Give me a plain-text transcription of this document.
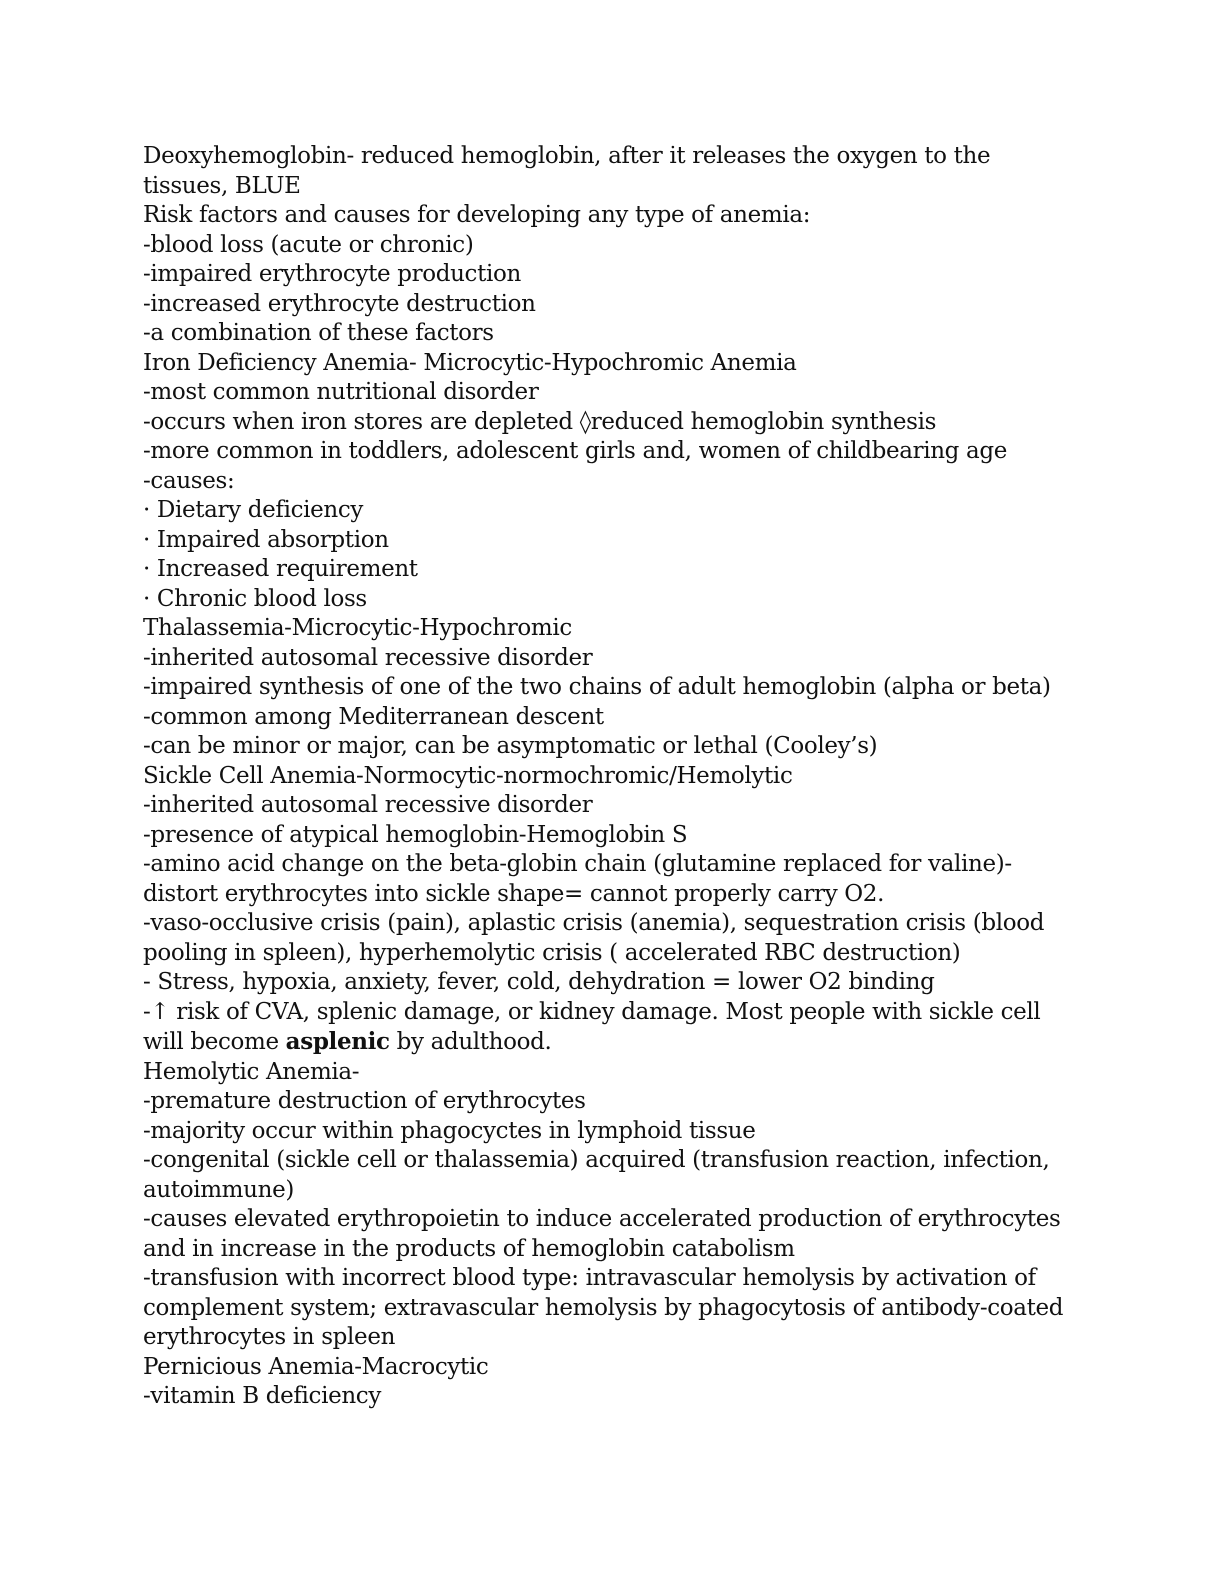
Deoxyhemoglobin- reduced hemoglobin, after it releases the oxygen to the
tissues, BLUE
Risk factors and causes for developing any type of anemia:
-blood loss (acute or chronic)
-impaired erythrocyte production
-increased erythrocyte destruction
-a combination of these factors
Iron Deficiency Anemia- Microcytic-Hypochromic Anemia
-most common nutritional disorder
-occurs when iron stores are depleted ◊reduced hemoglobin synthesis
-more common in toddlers, adolescent girls and, women of childbearing age
-causes:
· Dietary deficiency
· Impaired absorption
· Increased requirement
· Chronic blood loss
Thalassemia-Microcytic-Hypochromic
-inherited autosomal recessive disorder
-impaired synthesis of one of the two chains of adult hemoglobin (alpha or beta)
-common among Mediterranean descent
-can be minor or major, can be asymptomatic or lethal (Cooley’s)
Sickle Cell Anemia-Normocytic-normochromic/Hemolytic
-inherited autosomal recessive disorder
-presence of atypical hemoglobin-Hemoglobin S
-amino acid change on the beta-globin chain (glutamine replaced for valine)-
distort erythrocytes into sickle shape= cannot properly carry O2.
-vaso-occlusive crisis (pain), aplastic crisis (anemia), sequestration crisis (blood
pooling in spleen), hyperhemolytic crisis ( accelerated RBC destruction)
- Stress, hypoxia, anxiety, fever, cold, dehydration = lower O2 binding
-↑ risk of CVA, splenic damage, or kidney damage. Most people with sickle cell
will become asplenic by adulthood.
Hemolytic Anemia-
-premature destruction of erythrocytes
-majority occur within phagocyctes in lymphoid tissue
-congenital (sickle cell or thalassemia) acquired (transfusion reaction, infection,
autoimmune)
-causes elevated erythropoietin to induce accelerated production of erythrocytes
and in increase in the products of hemoglobin catabolism
-transfusion with incorrect blood type: intravascular hemolysis by activation of
complement system; extravascular hemolysis by phagocytosis of antibody-coated
erythrocytes in spleen
Pernicious Anemia-Macrocytic
-vitamin B deficiency
